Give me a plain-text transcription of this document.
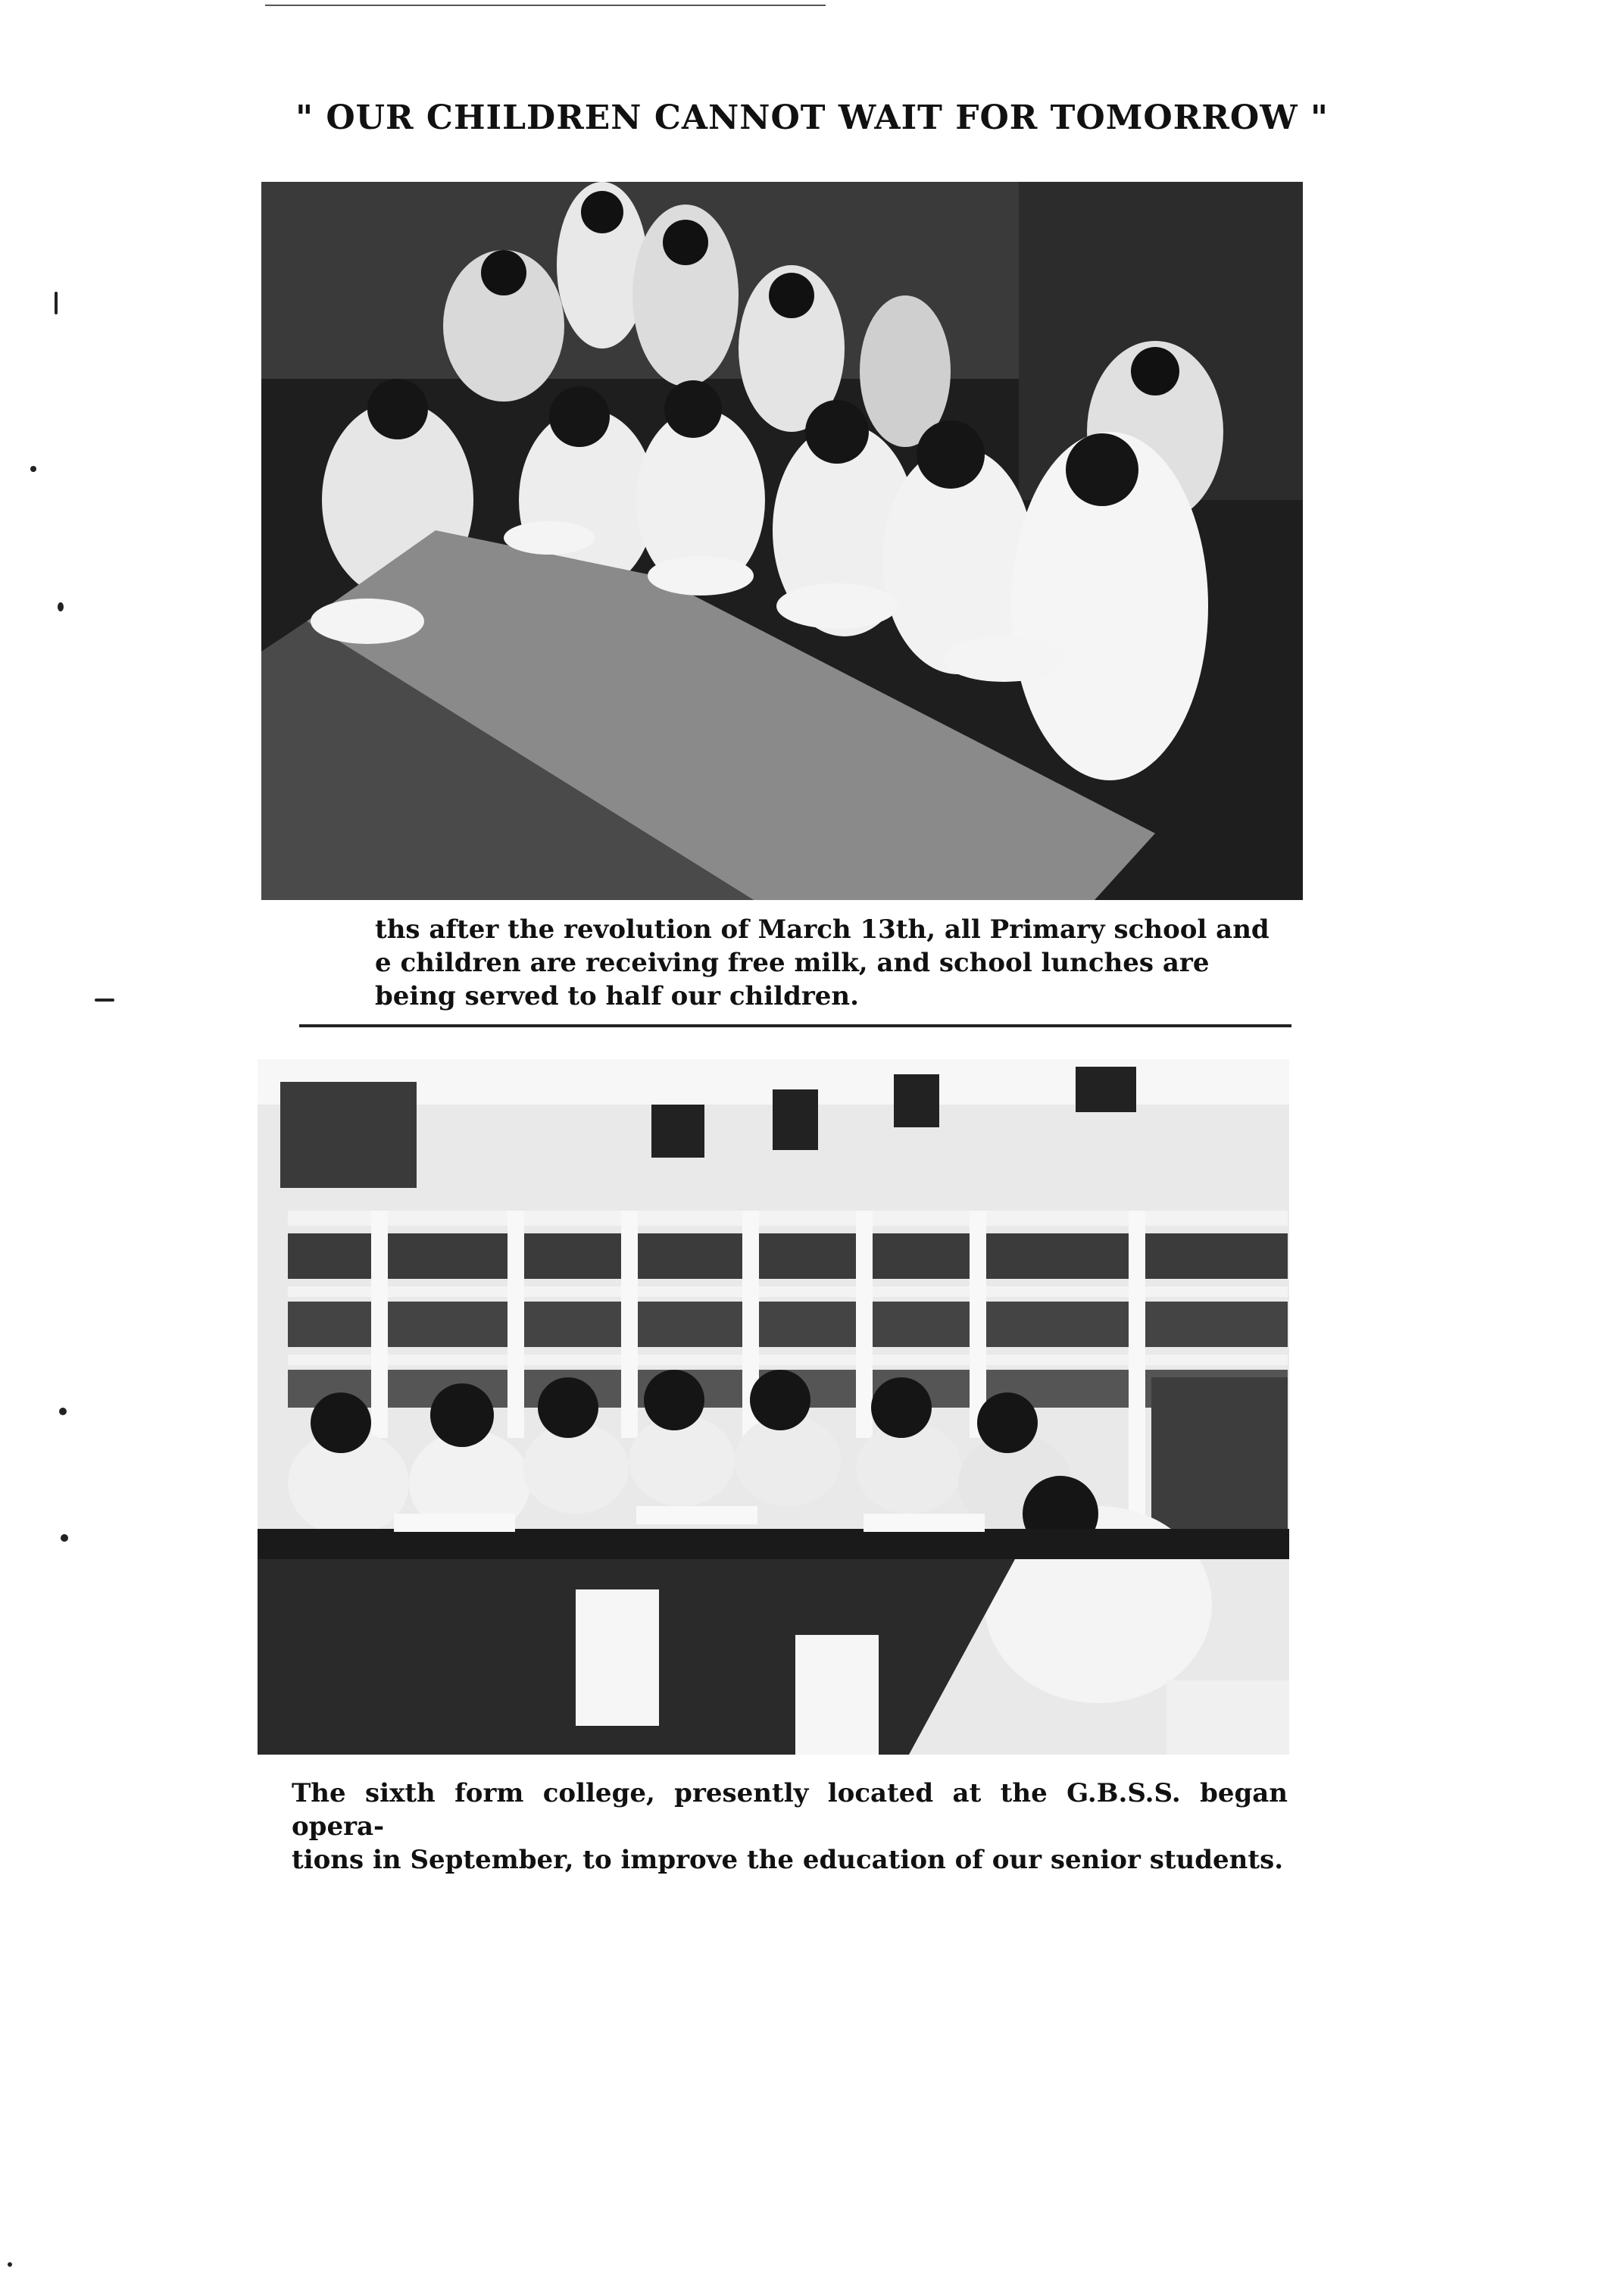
" OUR CHILDREN CANNOT WAIT FOR TOMORROW "
ths after the revolution of March 13th, all Primary school and
e children are receiving free milk, and school lunches are
being served to half our children.
The sixth form college, presently located at the G.B.S.S. began opera-
tions in September, to improve the education of our senior students.
